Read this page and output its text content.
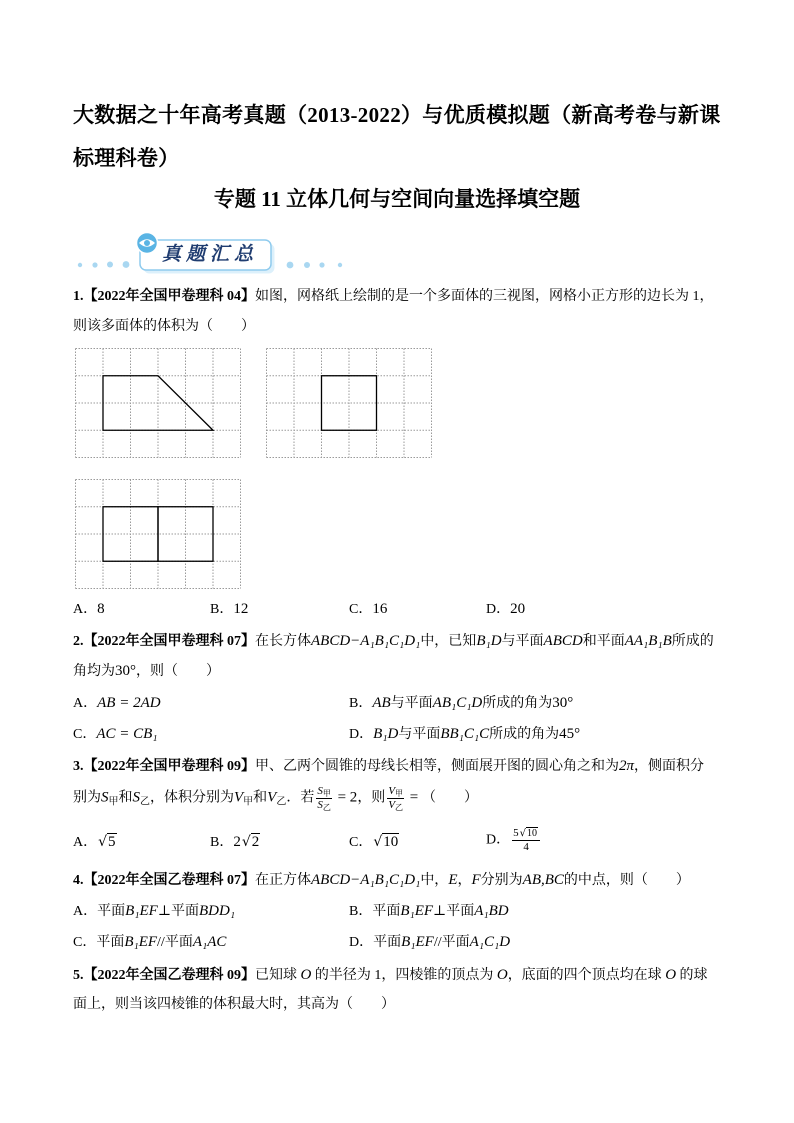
大数据之十年高考真题（2013-2022）与优质模拟题（新高考卷与新课
标理科卷）
专题 11 立体几何与空间向量选择填空题
真题汇总
1.【2022年全国甲卷理科 04】如图，网格纸上绘制的是一个多面体的三视图，网格小正方形的边长为 1，
则该多面体的体积为（　　）
A．8	B．12	C．16	D．20
2.【2022年全国甲卷理科 07】在长方体ABCD−A₁B₁C₁D₁中，已知B₁D与平面ABCD和平面AA₁B₁B所成的
角均为30°，则（　　）
A．AB = 2AD	B．AB与平面AB₁C₁D所成的角为30°
C．AC = CB₁	D．B₁D与平面BB₁C₁C所成的角为45°
3.【2022年全国甲卷理科 09】甲、乙两个圆锥的母线长相等，侧面展开图的圆心角之和为2π，侧面积分
别为$S_甲$和$S_乙$，体积分别为$V_甲$和$V_乙$．若 $\frac{\text{S甲}}{\text{S乙}} = 2$，则 $\frac{\text{V甲}}{\text{V乙}}$ = （　　）
A． √ 5	B．2 √ 2	C． √ 10	D． $\frac{5 √ 10}{4}$
4.【2022年全国乙卷理科 07】在正方体ABCD−A₁B₁C₁D₁中，E，F分别为AB,BC的中点，则（　　）
A．平面B₁EF⊥平面BDD₁	B．平面B₁EF⊥平面A₁BD
C．平面B₁EF//平面A₁AC	D．平面B₁EF//平面A₁C₁D
5.【2022年全国乙卷理科 09】已知球 O 的半径为 1，四棱锥的顶点为 O，底面的四个顶点均在球 O 的球
面上，则当该四棱锥的体积最大时，其高为（　　）
